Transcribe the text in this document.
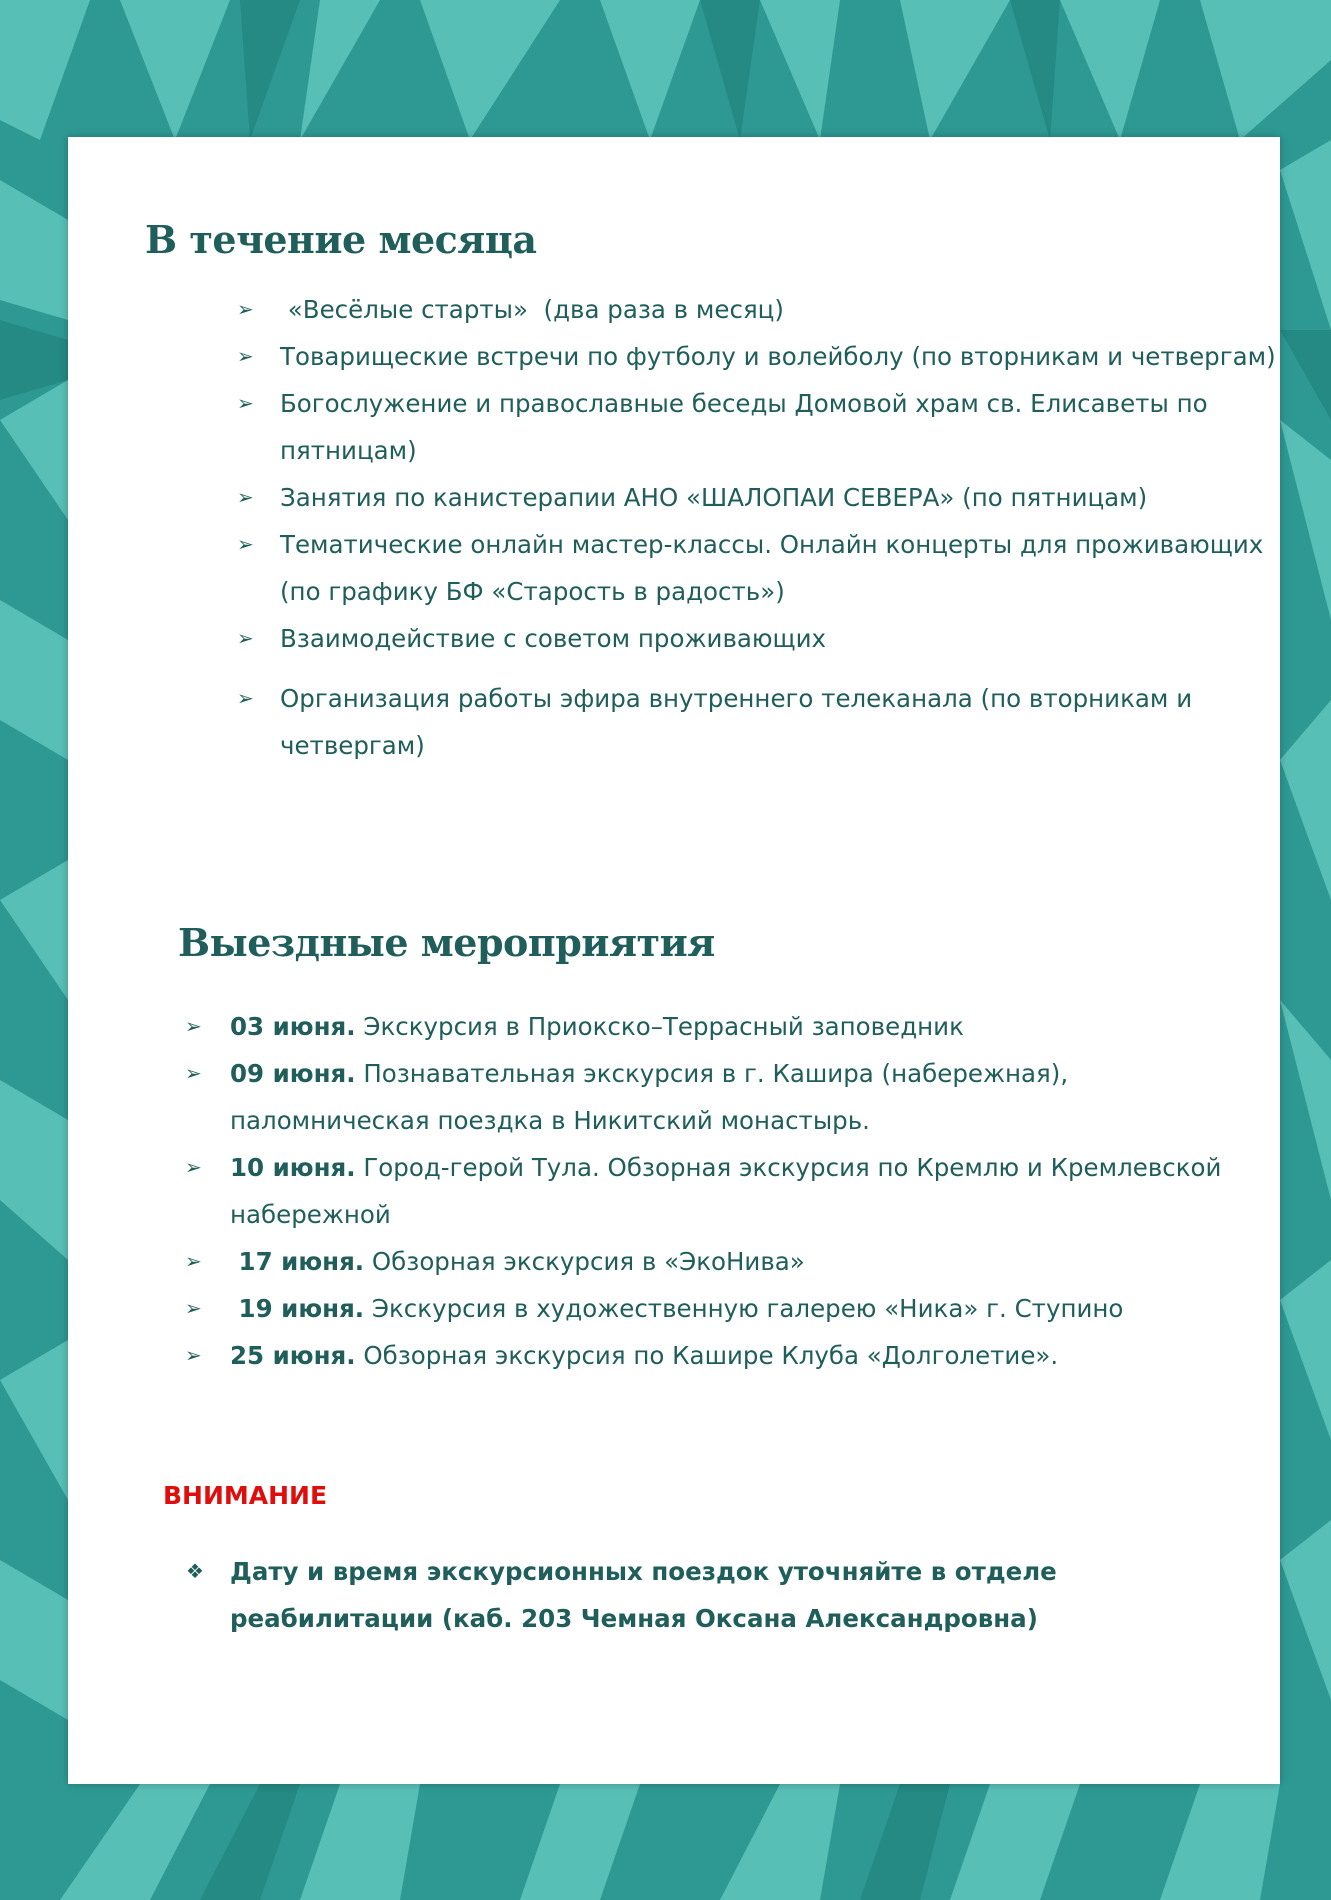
В течение месяца
➢ «Весёлые старты»  (два раза в месяц)
➢ Товарищеские встречи по футболу и волейболу (по вторникам и четвергам)
➢ Богослужение и православные беседы Домовой храм св. Елисаветы по пятницам)
➢ Занятия по канистерапии АНО «ШАЛОПАИ СЕВЕРА» (по пятницам)
➢ Тематические онлайн мастер-классы. Онлайн концерты для проживающих (по графику БФ «Старость в радость»)
➢ Взаимодействие с советом проживающих
➢ Организация работы эфира внутреннего телеканала (по вторникам и четвергам)
Выездные мероприятия
➢ 03 июня. Экскурсия в Приокско–Террасный заповедник
➢ 09 июня. Познавательная экскурсия в г. Кашира (набережная), паломническая поездка в Никитский монастырь.
➢ 10 июня. Город-герой Тула. Обзорная экскурсия по Кремлю и Кремлевской набережной
➢ 17 июня. Обзорная экскурсия в «ЭкоНива»
➢ 19 июня. Экскурсия в художественную галерею «Ника» г. Ступино
➢ 25 июня. Обзорная экскурсия по Кашире Клуба «Долголетие».

ВНИМАНИЕ

❖ Дату и время экскурсионных поездок уточняйте в отделе реабилитации (каб. 203 Чемная Оксана Александровна)
